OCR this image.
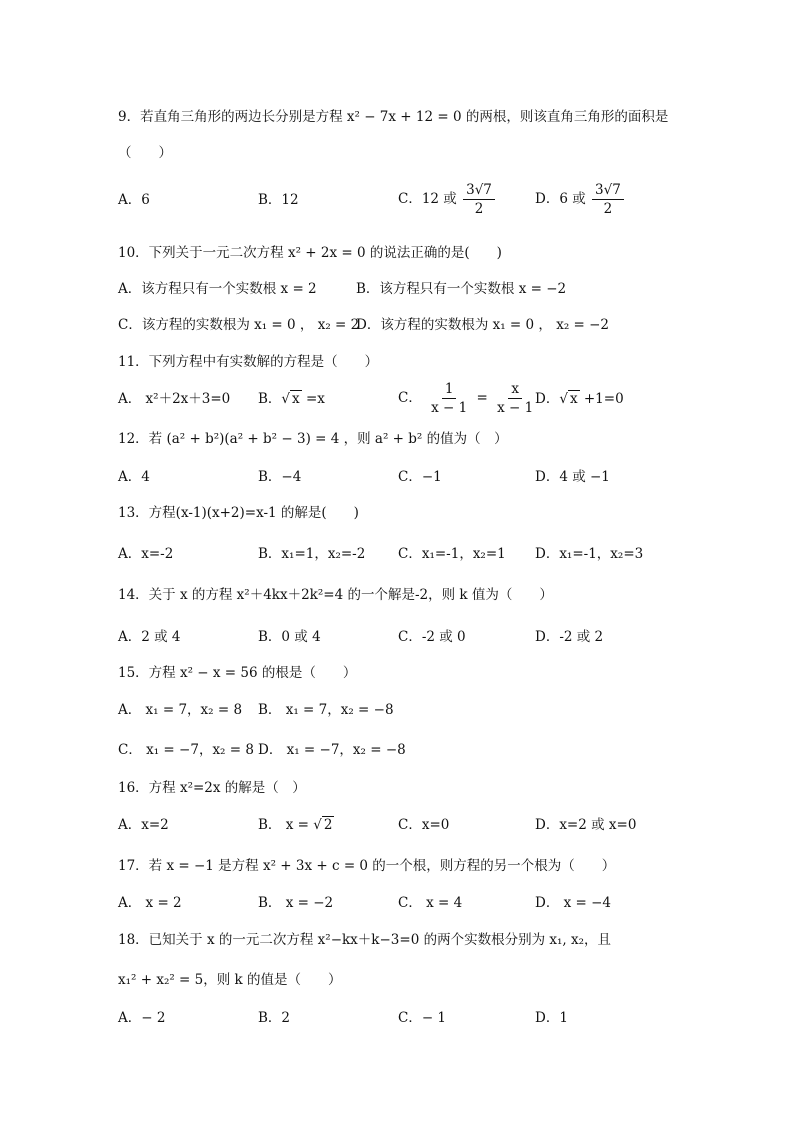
9．若直角三角形的两边长分别是方程 x² − 7x + 12 = 0 的两根，则该直角三角形的面积是
（　　）
A．6	B．12	C．12 或 $\frac{3√7}{2}$	D．6 或 $\frac{3√7}{2}$
10．下列关于一元二次方程 x² + 2x = 0 的说法正确的是(　　)
A．该方程只有一个实数根 x = 2	B．该方程只有一个实数根 x = −2
C．该方程的实数根为 x₁ = 0 ， x₂ = 2
D．该方程的实数根为 x₁ = 0 ， x₂ = −2
11．下列方程中有实数解的方程是（　　）
A． x²＋2x＋3=0 B．√ x =x	C． $\frac{1}{x - 1} = \frac{x}{x - 1}$
D．√ x +1=0
12．若 (a² + b²)(a² + b² − 3) = 4 ，则 a² + b² 的值为（　）
A．4	B．−4	C．−1	D．4 或 −1
13．方程(x-1)(x+2)=x-1 的解是(　　)
A．x=-2	B．x₁=1，x₂=-2 C．x₁=-1，x₂=1 D．x₁=-1，x₂=3
14．关于 x 的方程 x²＋4kx＋2k²=4 的一个解是-2，则 k 值为（　　）
A．2 或 4	B．0 或 4	C．-2 或 0	D．-2 或 2
15．方程 x² − x = 56 的根是（　　）
A． x₁ = 7，x₂ = 8 B． x₁ = 7，x₂ = −8
C． x₁ = −7，x₂ = 8 D． x₁ = −7，x₂ = −8
16．方程 x²=2x 的解是（　）
A．x=2	B． x = √ 2	C．x=0	D．x=2 或 x=0
17．若 x = −1 是方程 x² + 3x + c = 0 的一个根，则方程的另一个根为（　　）
A． x = 2	B． x = −2	C． x = 4	D． x = −4
18．已知关于 x 的一元二次方程 x²−kx＋k−3=0 的两个实数根分别为 x₁, x₂，且
x₁² + x₂² = 5，则 k 的值是（　　）
A．− 2	B．2	C．− 1	D．1
